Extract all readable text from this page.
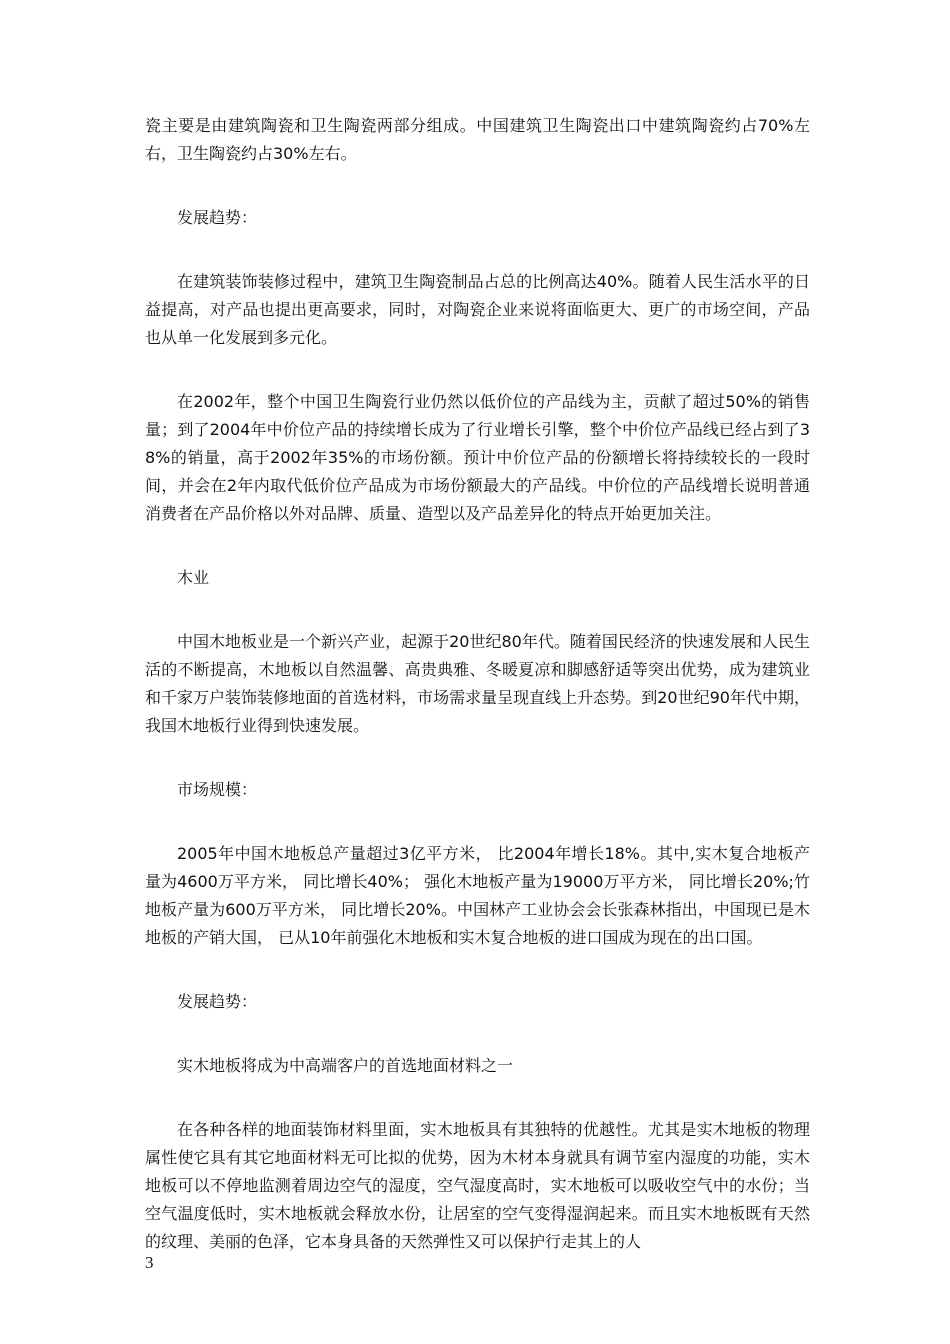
瓷主要是由建筑陶瓷和卫生陶瓷两部分组成。中国建筑卫生陶瓷出口中建筑陶瓷约占70%左右，卫生陶瓷约占30%左右。

发展趋势：

在建筑装饰装修过程中，建筑卫生陶瓷制品占总的比例高达40%。随着人民生活水平的日益提高，对产品也提出更高要求，同时，对陶瓷企业来说将面临更大、更广的市场空间，产品也从单一化发展到多元化。

在2002年，整个中国卫生陶瓷行业仍然以低价位的产品线为主，贡献了超过50%的销售量；到了2004年中价位产品的持续增长成为了行业增长引擎，整个中价位产品线已经占到了38%的销量，高于2002年35%的市场份额。预计中价位产品的份额增长将持续较长的一段时间，并会在2年内取代低价位产品成为市场份额最大的产品线。中价位的产品线增长说明普通消费者在产品价格以外对品牌、质量、造型以及产品差异化的特点开始更加关注。

木业

中国木地板业是一个新兴产业，起源于20世纪80年代。随着国民经济的快速发展和人民生活的不断提高，木地板以自然温馨、高贵典雅、冬暖夏凉和脚感舒适等突出优势，成为建筑业和千家万户装饰装修地面的首选材料，市场需求量呈现直线上升态势。到20世纪90年代中期，我国木地板行业得到快速发展。

市场规模：

2005年中国木地板总产量超过3亿平方米， 比2004年增长18%。其中,实木复合地板产量为4600万平方米， 同比增长40%； 强化木地板产量为19000万平方米， 同比增长20%;竹地板产量为600万平方米， 同比增长20%。中国林产工业协会会长张森林指出，中国现已是木地板的产销大国， 已从10年前强化木地板和实木复合地板的进口国成为现在的出口国。

发展趋势：

实木地板将成为中高端客户的首选地面材料之一

在各种各样的地面装饰材料里面，实木地板具有其独特的优越性。尤其是实木地板的物理属性使它具有其它地面材料无可比拟的优势，因为木材本身就具有调节室内湿度的功能，实木地板可以不停地监测着周边空气的湿度，空气湿度高时，实木地板可以吸收空气中的水份；当空气温度低时，实木地板就会释放水份，让居室的空气变得湿润起来。而且实木地板既有天然的纹理、美丽的色泽，它本身具备的天然弹性又可以保护行走其上的人

3
